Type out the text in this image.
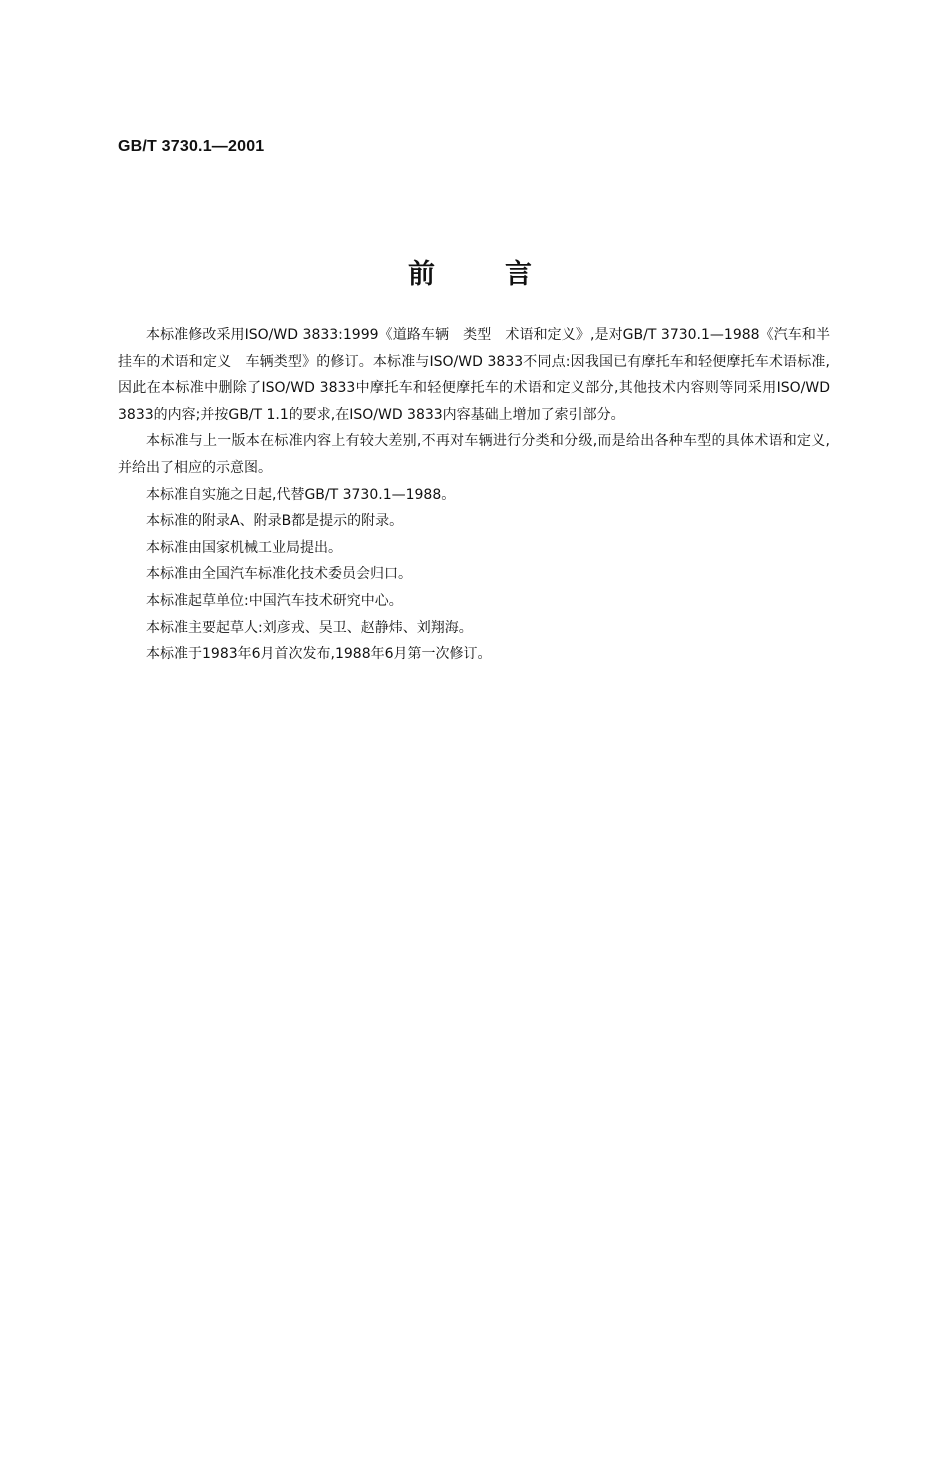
GB/T 3730.1—2001
前言

本标准修改采用ISO/WD 3833:1999《道路车辆　类型　术语和定义》,是对GB/T 3730.1—1988《汽车和半挂车的术语和定义　车辆类型》的修订。本标准与ISO/WD 3833不同点:因我国已有摩托车和轻便摩托车术语标准,因此在本标准中删除了ISO/WD 3833中摩托车和轻便摩托车的术语和定义部分,其他技术内容则等同采用ISO/WD 3833的内容;并按GB/T 1.1的要求,在ISO/WD 3833内容基础上增加了索引部分。

本标准与上一版本在标准内容上有较大差别,不再对车辆进行分类和分级,而是给出各种车型的具体术语和定义,并给出了相应的示意图。

本标准自实施之日起,代替GB/T 3730.1—1988。

本标准的附录A、附录B都是提示的附录。

本标准由国家机械工业局提出。

本标准由全国汽车标准化技术委员会归口。

本标准起草单位:中国汽车技术研究中心。

本标准主要起草人:刘彦戎、吴卫、赵静炜、刘翔海。

本标准于1983年6月首次发布,1988年6月第一次修订。
